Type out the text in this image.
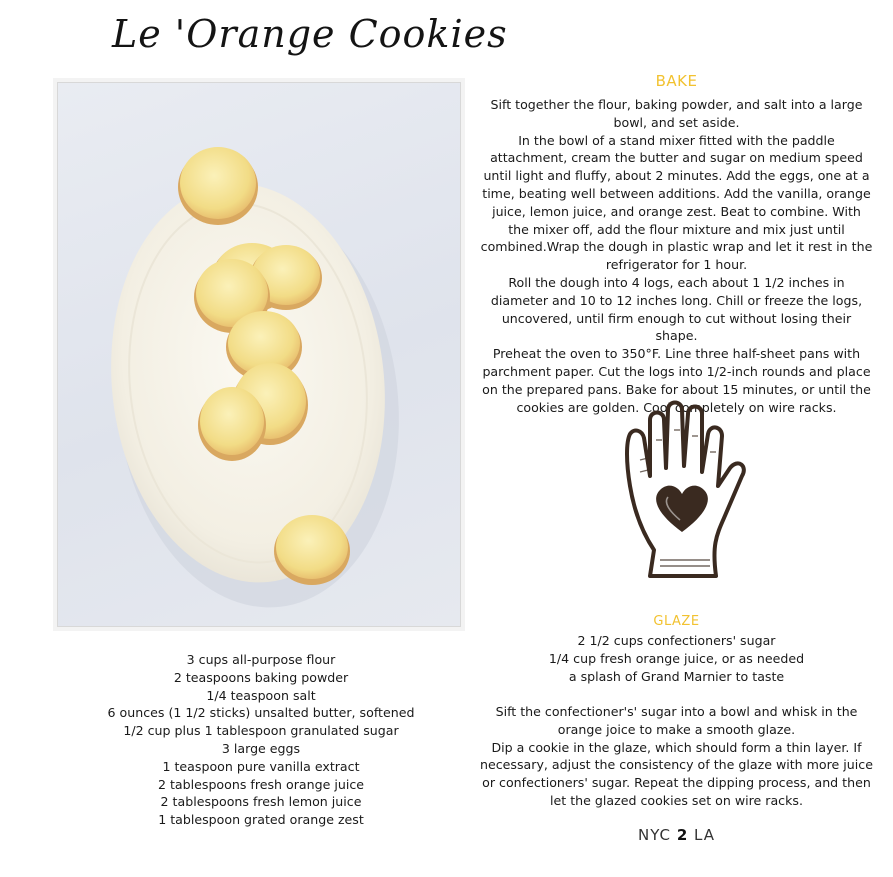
Le 'Orange Cookies
BAKE

Sift together the flour, baking powder, and salt into a large bowl, and set aside.

In the bowl of a stand mixer fitted with the paddle attachment, cream the butter and sugar on medium speed until light and fluffy, about 2 minutes. Add the eggs, one at a time, beating well between additions. Add the vanilla, orange juice, lemon juice, and orange zest. Beat to combine. With the mixer off, add the flour mixture and mix just until combined.Wrap the dough in plastic wrap and let it rest in the refrigerator for 1 hour.

Roll the dough into 4 logs, each about 1 1/2 inches in diameter and 10 to 12 inches long. Chill or freeze the logs, uncovered, until firm enough to cut without losing their shape.

Preheat the oven to 350°F. Line three half-sheet pans with parchment paper. Cut the logs into 1/2-inch rounds and place on the prepared pans. Bake for about 15 minutes, or until the cookies are golden. Cool completely on wire racks.

GLAZE
2 1/2 cups confectioners' sugar
1/4 cup fresh orange juice, or as needed
a splash of Grand Marnier to taste

Sift the confectioner's' sugar into a bowl and whisk in the orange joice to make a smooth glaze.

Dip a cookie in the glaze, which should form a thin layer. If necessary, adjust the consistency of the glaze with more juice or confectioners' sugar. Repeat the dipping process, and then let the glazed cookies set on wire racks.

3 cups all-purpose flour
2 teaspoons baking powder
1/4 teaspoon salt
6 ounces (1 1/2 sticks) unsalted butter, softened
1/2 cup plus 1 tablespoon granulated sugar
3 large eggs
1 teaspoon pure vanilla extract
2 tablespoons fresh orange juice
2 tablespoons fresh lemon juice
1 tablespoon grated orange zest
NYC 2 LA
